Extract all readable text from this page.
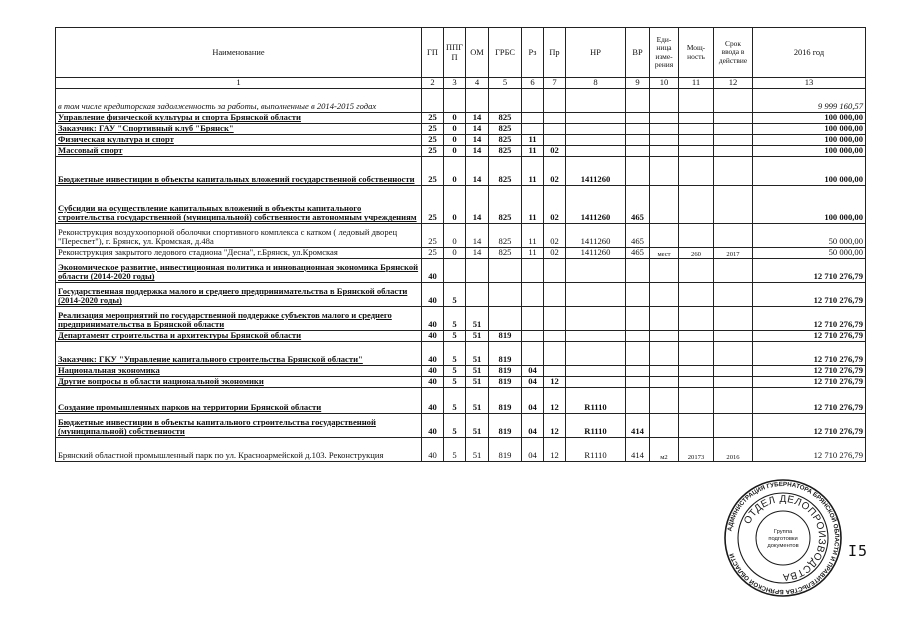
Наименование	ГП	ППГ П	ОМ	ГРБС	Рз	Пр	НР	ВР	Еди- ница изме- рения	Мощ- ность	Срок ввода в действие	2016 год
1	2	3	4	5	6	7	8	9	10	11	12	13
в том числе кредиторская задолженность за работы, выполненные в 2014-2015 годах												9 999 160,57
Управление физической культуры и спорта Брянской области	25	0	14	825								100 000,00
Заказчик: ГАУ "Спортивный клуб "Брянск"	25	0	14	825								100 000,00
Физическая культура и спорт	25	0	14	825	11							100 000,00
Массовый спорт	25	0	14	825	11	02						100 000,00
Бюджетные инвестиции в объекты капитальных вложений государственной собственности	25	0	14	825	11	02	1411260					100 000,00
Субсидии на осуществление капитальных вложений в объекты капитального строительства государственной (муниципальной) собственности автономным учреждениям	25	0	14	825	11	02	1411260	465				100 000,00
Реконструкция воздухоопорной оболочки спортивного комплекса с катком ( ледовый дворец "Пересвет"), г. Брянск, ул. Кромская, д.48а	25	0	14	825	11	02	1411260	465				50 000,00
Реконструкция закрытого ледового стадиона "Десна", г.Брянск, ул.Кромская	25	0	14	825	11	02	1411260	465	мест	260	2017	50 000,00
Экономическое развитие, инвестиционная политика и инновационная экономика Брянской области (2014-2020 годы)	40											12 710 276,79
Государственная поддержка малого и среднего предпринимательства в Брянской области (2014-2020 годы)	40	5										12 710 276,79
Реализация мероприятий по государственной поддержке субъектов малого и среднего предпринимательства в Брянской области	40	5	51									12 710 276,79
Департамент строительства и архитектуры Брянской области	40	5	51	819								12 710 276,79
Заказчик: ГКУ "Управление капитального строительства Брянской области"	40	5	51	819								12 710 276,79
Национальная экономика	40	5	51	819	04							12 710 276,79
Другие вопросы в области национальной экономики	40	5	51	819	04	12						12 710 276,79
Создание промышленных парков на территории Брянской области	40	5	51	819	04	12	R1110					12 710 276,79
Бюджетные инвестиции в объекты капитального строительства государственной (муниципальной) собственности	40	5	51	819	04	12	R1110	414				12 710 276,79
Брянский областной промышленный парк по ул. Красноармейской д.103. Реконструкция	40	5	51	819	04	12	R1110	414	м2	20173	2016	12 710 276,79
АДМИНИСТРАЦИЯ ГУБЕРНАТОРА БРЯНСКОЙ ОБЛАСТИ И ПРАВИТЕЛЬСТВА БРЯНСКОЙ ОБЛАСТИ
ОТДЕЛ ДЕЛОПРОИЗВОДСТВА
Группа
подготовки
документов	I5
